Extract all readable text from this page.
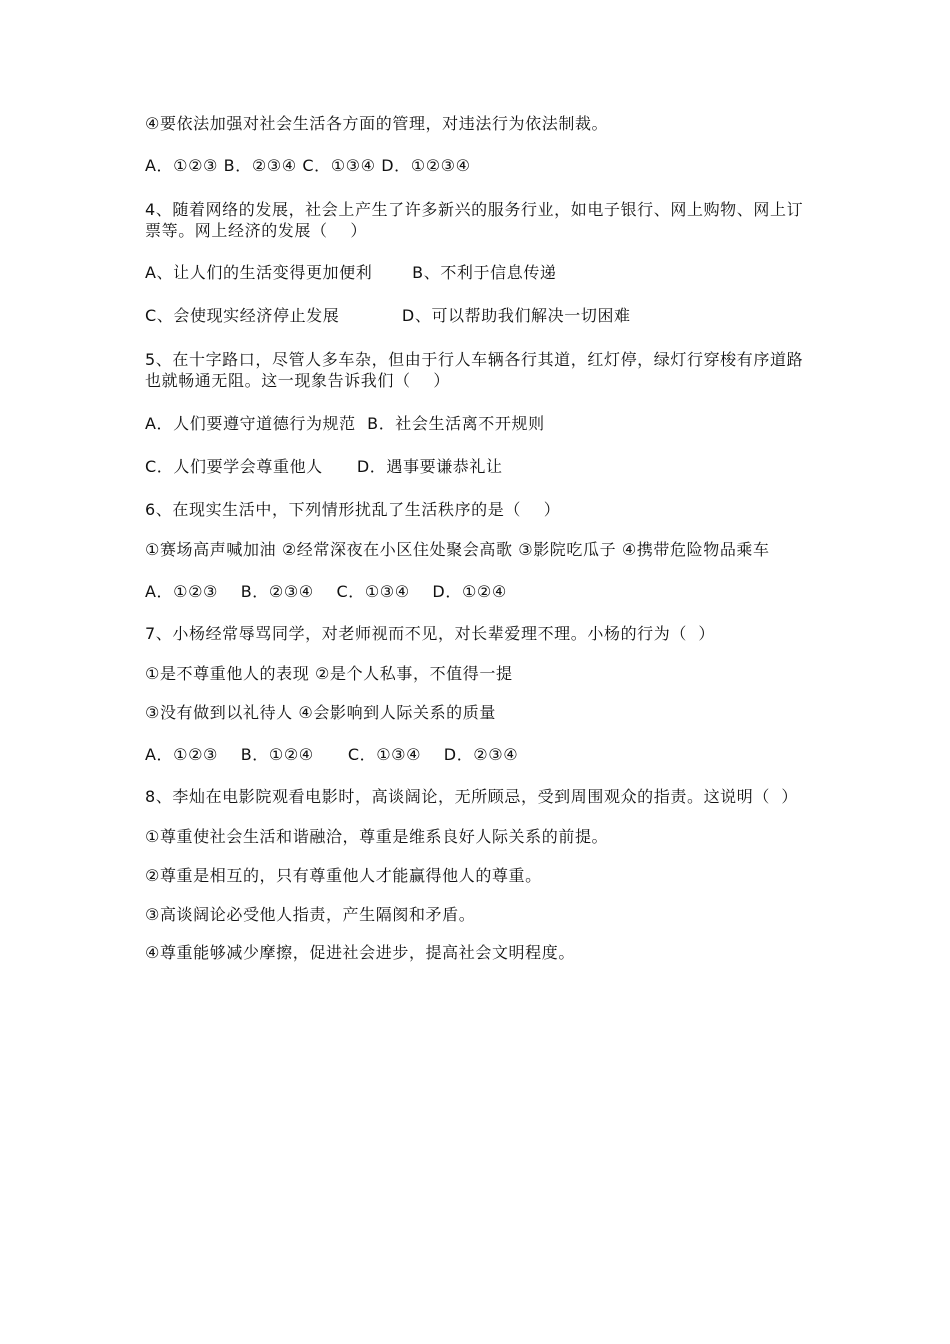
④要依法加强对社会生活各方面的管理，对违法行为依法制裁。
A．①②③ B．②③④ C．①③④ D．①②③④
4、随着网络的发展，社会上产生了许多新兴的服务行业，如电子银行、网上购物、网上订
票等。网上经济的发展（    ）
A、让人们的生活变得更加便利       B、不利于信息传递
C、会使现实经济停止发展           D、可以帮助我们解决一切困难
5、在十字路口，尽管人多车杂，但由于行人车辆各行其道，红灯停，绿灯行穿梭有序道路
也就畅通无阻。这一现象告诉我们（    ）
A．人们要遵守道德行为规范  B．社会生活离不开规则
C．人们要学会尊重他人      D．遇事要谦恭礼让
6、在现实生活中，下列情形扰乱了生活秩序的是（    ）
①赛场高声喊加油 ②经常深夜在小区住处聚会高歌 ③影院吃瓜子 ④携带危险物品乘车
A．①②③    B．②③④    C．①③④    D．①②④
7、小杨经常辱骂同学，对老师视而不见，对长辈爱理不理。小杨的行为（  ）
①是不尊重他人的表现 ②是个人私事，不值得一提
③没有做到以礼待人 ④会影响到人际关系的质量
A．①②③    B．①②④      C．①③④    D．②③④
8、李灿在电影院观看电影时，高谈阔论，无所顾忌，受到周围观众的指责。这说明（  ）
①尊重使社会生活和谐融洽，尊重是维系良好人际关系的前提。
②尊重是相互的，只有尊重他人才能赢得他人的尊重。
③高谈阔论必受他人指责，产生隔阂和矛盾。
④尊重能够减少摩擦，促进社会进步，提高社会文明程度。
